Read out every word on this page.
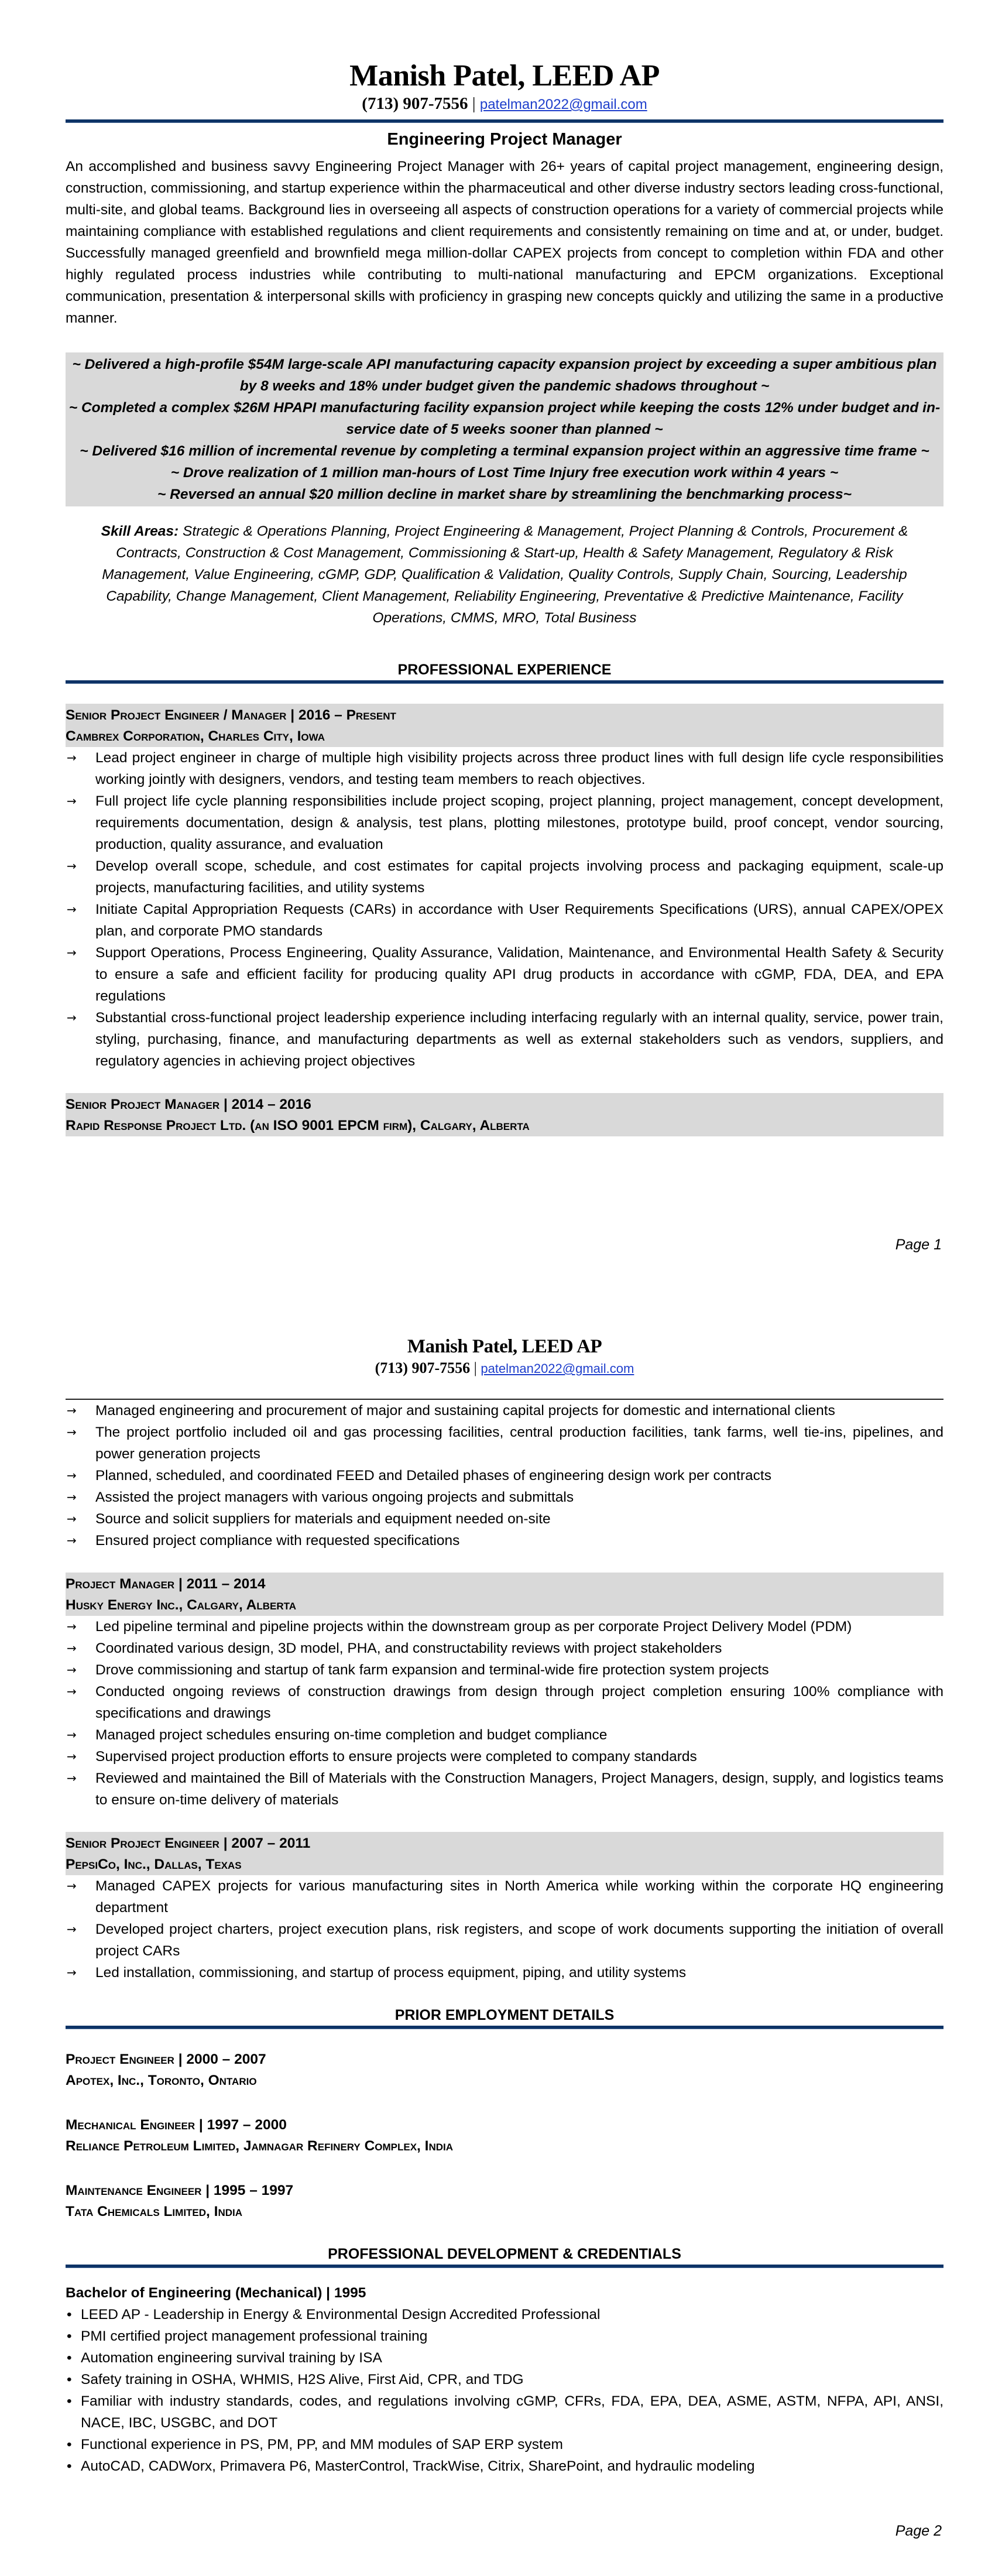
Manish Patel, LEED AP
(713) 907-7556 | patelman2022@gmail.com
Engineering Project Manager

An accomplished and business savvy Engineering Project Manager with 26+ years of capital project management, engineering design, construction, commissioning, and startup experience within the pharmaceutical and other diverse industry sectors leading cross-functional, multi-site, and global teams. Background lies in overseeing all aspects of construction operations for a variety of commercial projects while maintaining compliance with established regulations and client requirements and consistently remaining on time and at, or under, budget. Successfully managed greenfield and brownfield mega million-dollar CAPEX projects from concept to completion within FDA and other highly regulated process industries while contributing to multi-national manufacturing and EPCM organizations. Exceptional communication, presentation & interpersonal skills with proficiency in grasping new concepts quickly and utilizing the same in a productive manner.

~ Delivered a high-profile $54M large-scale API manufacturing capacity expansion project by exceeding a super ambitious plan by 8 weeks and 18% under budget given the pandemic shadows throughout ~
~ Completed a complex $26M HPAPI manufacturing facility expansion project while keeping the costs 12% under budget and in-service date of 5 weeks sooner than planned ~
~ Delivered $16 million of incremental revenue by completing a terminal expansion project within an aggressive time frame ~
~ Drove realization of 1 million man-hours of Lost Time Injury free execution work within 4 years ~
~ Reversed an annual $20 million decline in market share by streamlining the benchmarking process~

Skill Areas: Strategic & Operations Planning, Project Engineering & Management, Project Planning & Controls, Procurement & Contracts, Construction & Cost Management, Commissioning & Start-up, Health & Safety Management, Regulatory & Risk Management, Value Engineering, cGMP, GDP, Qualification & Validation, Quality Controls, Supply Chain, Sourcing, Leadership Capability, Change Management, Client Management, Reliability Engineering, Preventative & Predictive Maintenance, Facility Operations, CMMS, MRO, Total Business

PROFESSIONAL EXPERIENCE
Senior Project Engineer / Manager | 2016 – Present
Cambrex Corporation, Charles City, Iowa
→ Lead project engineer in charge of multiple high visibility projects across three product lines with full design life cycle responsibilities working jointly with designers, vendors, and testing team members to reach objectives.
→ Full project life cycle planning responsibilities include project scoping, project planning, project management, concept development, requirements documentation, design & analysis, test plans, plotting milestones, prototype build, proof concept, vendor sourcing, production, quality assurance, and evaluation
→ Develop overall scope, schedule, and cost estimates for capital projects involving process and packaging equipment, scale-up projects, manufacturing facilities, and utility systems
→ Initiate Capital Appropriation Requests (CARs) in accordance with User Requirements Specifications (URS), annual CAPEX/OPEX plan, and corporate PMO standards
→ Support Operations, Process Engineering, Quality Assurance, Validation, Maintenance, and Environmental Health Safety & Security to ensure a safe and efficient facility for producing quality API drug products in accordance with cGMP, FDA, DEA, and EPA regulations
→ Substantial cross-functional project leadership experience including interfacing regularly with an internal quality, service, power train, styling, purchasing, finance, and manufacturing departments as well as external stakeholders such as vendors, suppliers, and regulatory agencies in achieving project objectives
Senior Project Manager | 2014 – 2016
Rapid Response Project Ltd. (an ISO 9001 EPCM firm), Calgary, Alberta
Page 1
Manish Patel, LEED AP
(713) 907-7556 | patelman2022@gmail.com
→ Managed engineering and procurement of major and sustaining capital projects for domestic and international clients
→ The project portfolio included oil and gas processing facilities, central production facilities, tank farms, well tie-ins, pipelines, and power generation projects
→ Planned, scheduled, and coordinated FEED and Detailed phases of engineering design work per contracts
→ Assisted the project managers with various ongoing projects and submittals
→ Source and solicit suppliers for materials and equipment needed on-site
→ Ensured project compliance with requested specifications
Project Manager | 2011 – 2014
Husky Energy Inc., Calgary, Alberta
→ Led pipeline terminal and pipeline projects within the downstream group as per corporate Project Delivery Model (PDM)
→ Coordinated various design, 3D model, PHA, and constructability reviews with project stakeholders
→ Drove commissioning and startup of tank farm expansion and terminal-wide fire protection system projects
→ Conducted ongoing reviews of construction drawings from design through project completion ensuring 100% compliance with specifications and drawings
→ Managed project schedules ensuring on-time completion and budget compliance
→ Supervised project production efforts to ensure projects were completed to company standards
→ Reviewed and maintained the Bill of Materials with the Construction Managers, Project Managers, design, supply, and logistics teams to ensure on-time delivery of materials
Senior Project Engineer | 2007 – 2011
PepsiCo, Inc., Dallas, Texas
→ Managed CAPEX projects for various manufacturing sites in North America while working within the corporate HQ engineering department
→ Developed project charters, project execution plans, risk registers, and scope of work documents supporting the initiation of overall project CARs
→ Led installation, commissioning, and startup of process equipment, piping, and utility systems
PRIOR EMPLOYMENT DETAILS
Project Engineer | 2000 – 2007
Apotex, Inc., Toronto, Ontario
Mechanical Engineer | 1997 – 2000
Reliance Petroleum Limited, Jamnagar Refinery Complex, India
Maintenance Engineer | 1995 – 1997
Tata Chemicals Limited, India
PROFESSIONAL DEVELOPMENT & CREDENTIALS
Bachelor of Engineering (Mechanical) | 1995
• LEED AP - Leadership in Energy & Environmental Design Accredited Professional
• PMI certified project management professional training
• Automation engineering survival training by ISA
• Safety training in OSHA, WHMIS, H2S Alive, First Aid, CPR, and TDG
• Familiar with industry standards, codes, and regulations involving cGMP, CFRs, FDA, EPA, DEA, ASME, ASTM, NFPA, API, ANSI, NACE, IBC, USGBC, and DOT
• Functional experience in PS, PM, PP, and MM modules of SAP ERP system
• AutoCAD, CADWorx, Primavera P6, MasterControl, TrackWise, Citrix, SharePoint, and hydraulic modeling
Page 2
